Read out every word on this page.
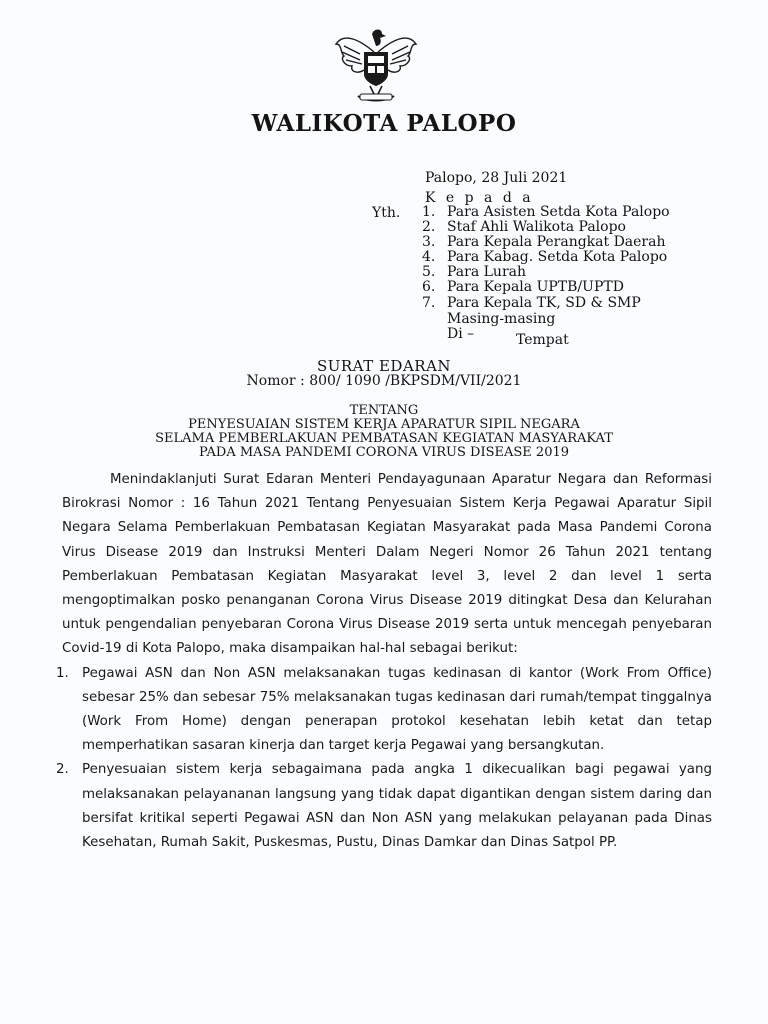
WALIKOTA PALOPO
Palopo, 28 Juli 2021
K e p a d a
Yth. 1. Para Asisten Setda Kota Palopo
2. Staf Ahli Walikota Palopo
3. Para Kepala Perangkat Daerah
4. Para Kabag. Setda Kota Palopo
5. Para Lurah
6. Para Kepala UPTB/UPTD
7. Para Kepala TK, SD & SMP
Masing-masing
Di –	Tempat
SURAT EDARAN
Nomor : 800/ 1090 /BKPSDM/VII/2021
TENTANG
PENYESUAIAN SISTEM KERJA APARATUR SIPIL NEGARA
SELAMA PEMBERLAKUAN PEMBATASAN KEGIATAN MASYARAKAT
PADA MASA PANDEMI CORONA VIRUS DISEASE 2019

Menindaklanjuti Surat Edaran Menteri Pendayagunaan Aparatur Negara dan Reformasi Birokrasi Nomor : 16 Tahun 2021 Tentang Penyesuaian Sistem Kerja Pegawai Aparatur Sipil Negara Selama Pemberlakuan Pembatasan Kegiatan Masyarakat pada Masa Pandemi Corona Virus Disease 2019 dan Instruksi Menteri Dalam Negeri Nomor 26 Tahun 2021 tentang Pemberlakuan Pembatasan Kegiatan Masyarakat level 3, level 2 dan level 1 serta mengoptimalkan posko penanganan Corona Virus Disease 2019 ditingkat Desa dan Kelurahan untuk pengendalian penyebaran Corona Virus Disease 2019 serta untuk mencegah penyebaran Covid-19 di Kota Palopo, maka disampaikan hal-hal sebagai berikut:

1. Pegawai ASN dan Non ASN melaksanakan tugas kedinasan di kantor (Work From Office) sebesar 25% dan sebesar 75% melaksanakan tugas kedinasan dari rumah/tempat tinggalnya (Work From Home) dengan penerapan protokol kesehatan lebih ketat dan tetap memperhatikan sasaran kinerja dan target kerja Pegawai yang bersangkutan.
2. Penyesuaian sistem kerja sebagaimana pada angka 1 dikecualikan bagi pegawai yang melaksanakan pelayananan langsung yang tidak dapat digantikan dengan sistem daring dan bersifat kritikal seperti Pegawai ASN dan Non ASN yang melakukan pelayanan pada Dinas Kesehatan, Rumah Sakit, Puskesmas, Pustu, Dinas Damkar dan Dinas Satpol PP.
